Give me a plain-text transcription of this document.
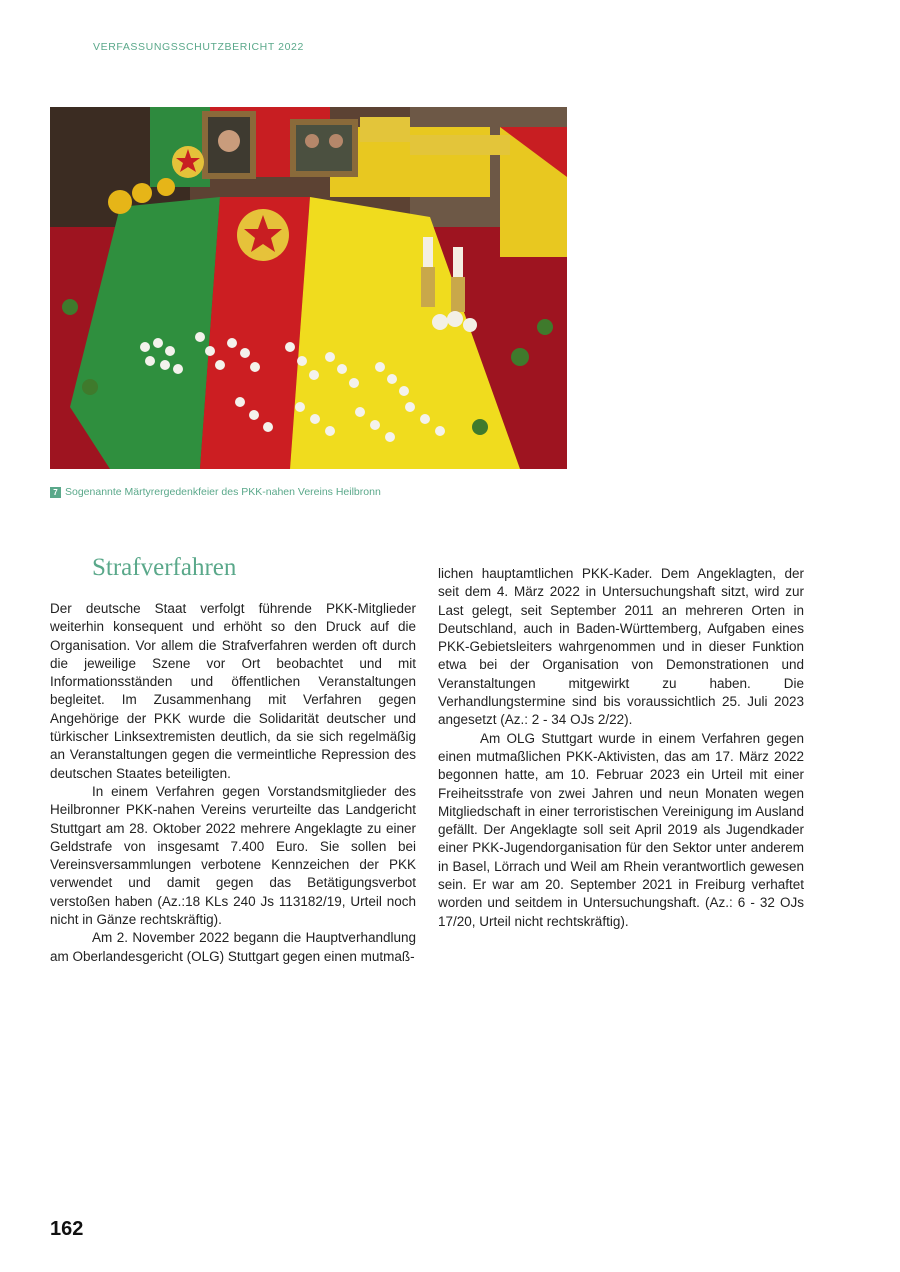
VERFASSUNGSSCHUTZBERICHT 2022
7 Sogenannte Märtyrergedenkfeier des PKK-nahen Vereins Heilbronn
Strafverfahren

Der deutsche Staat verfolgt führende PKK-Mitglieder weiterhin konsequent und erhöht so den Druck auf die Organisation. Vor allem die Strafverfahren werden oft durch die jeweilige Szene vor Ort beobachtet und mit Informationsständen und öffentlichen Veranstaltungen begleitet. Im Zusammenhang mit Verfahren gegen Angehörige der PKK wurde die Solidarität deutscher und türkischer Linksextremisten deutlich, da sie sich regelmäßig an Veranstaltungen gegen die vermeintliche Repression des deutschen Staates beteiligten.

In einem Verfahren gegen Vorstandsmitglieder des Heilbronner PKK-nahen Vereins verurteilte das Landgericht Stuttgart am 28. Oktober 2022 mehrere Angeklagte zu einer Geldstrafe von insgesamt 7.400 Euro. Sie sollen bei Vereinsversammlungen verbotene Kennzeichen der PKK verwendet und damit gegen das Betätigungsverbot verstoßen haben (Az.:18 KLs 240 Js 113182/19, Urteil noch nicht in Gänze rechtskräftig).

Am 2. November 2022 begann die Hauptverhandlung am Oberlandesgericht (OLG) Stuttgart gegen einen mutmaß-

lichen hauptamtlichen PKK-Kader. Dem Angeklagten, der seit dem 4. März 2022 in Untersuchungshaft sitzt, wird zur Last gelegt, seit September 2011 an mehreren Orten in Deutschland, auch in Baden-Württemberg, Aufgaben eines PKK-Gebietsleiters wahrgenommen und in dieser Funktion etwa bei der Organisation von Demonstrationen und Veranstaltungen mitgewirkt zu haben. Die Verhandlungstermine sind bis voraussichtlich 25. Juli 2023 angesetzt (Az.: 2 - 34 OJs 2/22).

Am OLG Stuttgart wurde in einem Verfahren gegen einen mutmaßlichen PKK-Aktivisten, das am 17. März 2022 begonnen hatte, am 10. Februar 2023 ein Urteil mit einer Freiheitsstrafe von zwei Jahren und neun Monaten wegen Mitgliedschaft in einer terroristischen Vereinigung im Ausland gefällt. Der Angeklagte soll seit April 2019 als Jugendkader einer PKK-Jugendorganisation für den Sektor unter anderem in Basel, Lörrach und Weil am Rhein verantwortlich gewesen sein. Er war am 20. September 2021 in Freiburg verhaftet worden und seitdem in Untersuchungshaft. (Az.: 6 - 32 OJs 17/20, Urteil nicht rechtskräftig).

162
